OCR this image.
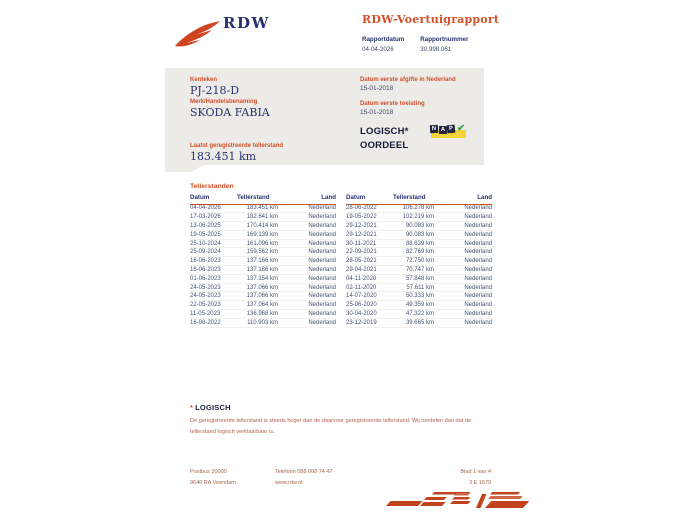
RDW	RDW-Voertuigrapport
Rapportdatum
04-04-2026
Rapportnummer
30.998.061
Kenteken
PJ-218-D
Merk/Handelsbenaming
SKODA FABIA
Laatst geregistreerde tellerstand
183.451 km
Datum eerste afgifte in Nederland
15-01-2018
Datum eerste toelating
15-01-2018
LOGISCH*
OORDEEL
N A P ✔
Tellerstanden
Datum	Tellerstand	Land
04-04-2026	183.451 km	Nederland
17-03-2026	182.641 km	Nederland
13-06-2025	170.414 km	Nederland
19-05-2025	169.139 km	Nederland
25-10-2024	161.096 km	Nederland
25-09-2024	159.562 km	Nederland
16-06-2023	137.166 km	Nederland
16-06-2023	137.166 km	Nederland
01-06-2023	137.154 km	Nederland
24-05-2023	137.066 km	Nederland
24-05-2023	137.066 km	Nederland
22-05-2023	137.064 km	Nederland
11-05-2023	136.968 km	Nederland
16-08-2022	110.903 km	Nederland
Datum	Tellerstand	Land
28-06-2022	106.278 km	Nederland
19-05-2022	102.219 km	Nederland
29-12-2021	90.083 km	Nederland
29-12-2021	90.083 km	Nederland
30-11-2021	88.639 km	Nederland
22-09-2021	82.769 km	Nederland
28-05-2021	72.750 km	Nederland
29-04-2021	70.747 km	Nederland
04-11-2020	57.848 km	Nederland
02-11-2020	57.611 km	Nederland
14-07-2020	50.333 km	Nederland
25-06-2020	49.359 km	Nederland
30-04-2020	47.322 km	Nederland
23-12-2019	39.665 km	Nederland
* LOGISCH
De geregistreerde tellerstand is steeds hoger dan de daarvoor geregistreerde tellerstand. Wij oordelen dan dat de tellerstand logisch verklaarbaar is.
Postbus 30000
9640 RA Veendam
Telefoon 088 008 74 47
www.rdw.nl
Blad 1 van 4
3 E 1679
